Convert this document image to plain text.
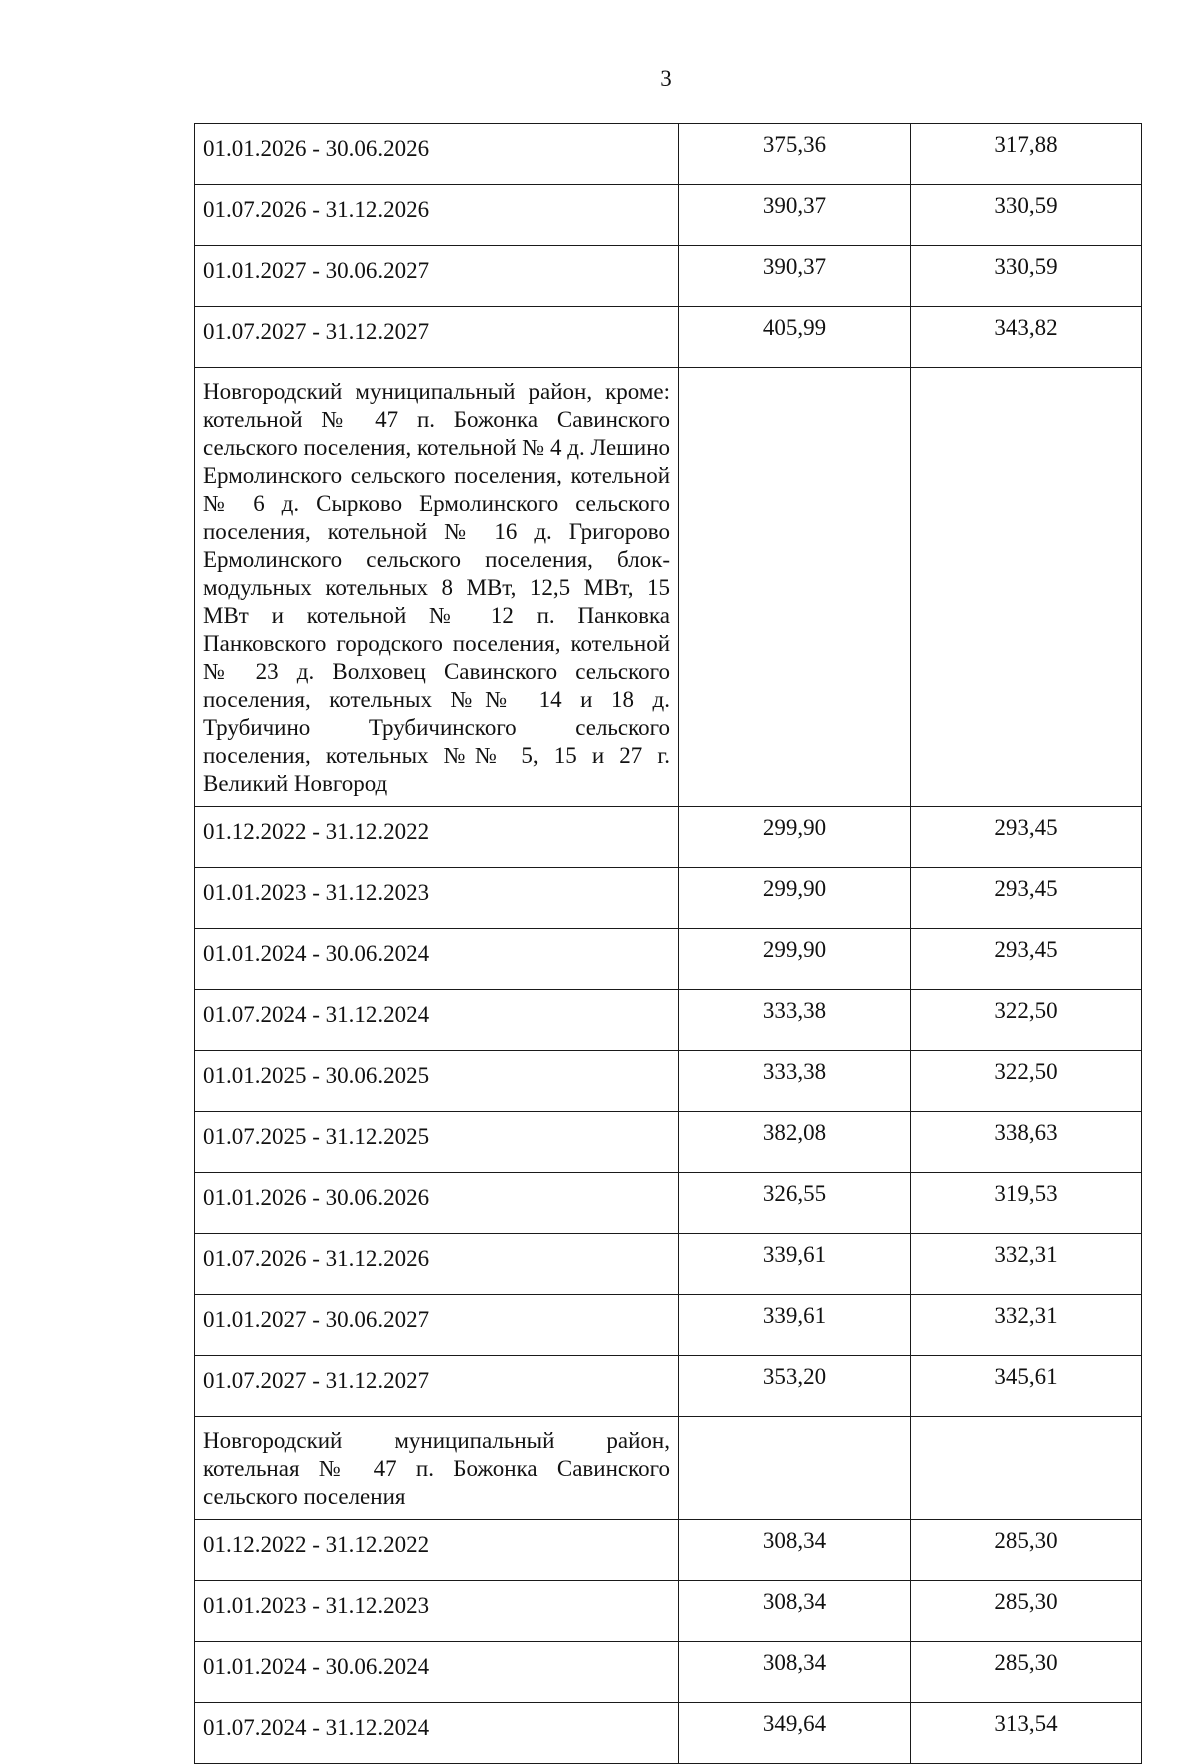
3
01.01.2026 - 30.06.2026	375,36	317,88
01.07.2026 - 31.12.2026	390,37	330,59
01.01.2027 - 30.06.2027	390,37	330,59
01.07.2027 - 31.12.2027	405,99	343,82
Новгородский муниципальный район, кроме: котельной № 47 п. Божонка Савинского сельского поселения, котельной № 4 д. Лешино Ермолинского сельского поселения, котельной № 6 д. Сырково Ермолинского сельского поселения, котельной № 16 д. Григорово Ермолинского сельского поселения, блок-модульных котельных 8 МВт, 12,5 МВт, 15 МВт и котельной № 12 п. Панковка Панковского городского поселения, котельной № 23 д. Волховец Савинского сельского поселения, котельных №№ 14 и 18 д. Трубичино Трубичинского сельского поселения, котельных №№ 5, 15 и 27 г. Великий Новгород		
01.12.2022 - 31.12.2022	299,90	293,45
01.01.2023 - 31.12.2023	299,90	293,45
01.01.2024 - 30.06.2024	299,90	293,45
01.07.2024 - 31.12.2024	333,38	322,50
01.01.2025 - 30.06.2025	333,38	322,50
01.07.2025 - 31.12.2025	382,08	338,63
01.01.2026 - 30.06.2026	326,55	319,53
01.07.2026 - 31.12.2026	339,61	332,31
01.01.2027 - 30.06.2027	339,61	332,31
01.07.2027 - 31.12.2027	353,20	345,61
Новгородский муниципальный район, котельная № 47 п. Божонка Савинского сельского поселения		
01.12.2022 - 31.12.2022	308,34	285,30
01.01.2023 - 31.12.2023	308,34	285,30
01.01.2024 - 30.06.2024	308,34	285,30
01.07.2024 - 31.12.2024	349,64	313,54
